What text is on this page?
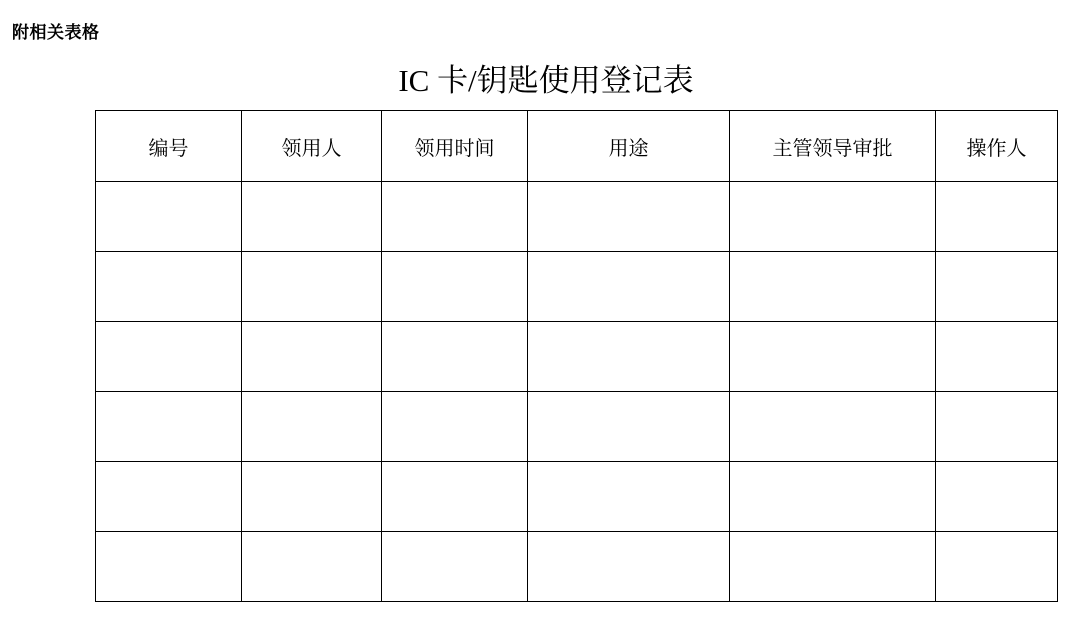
附相关表格
IC 卡/钥匙使用登记表
编号	领用人	领用时间	用途	主管领导审批	操作人
